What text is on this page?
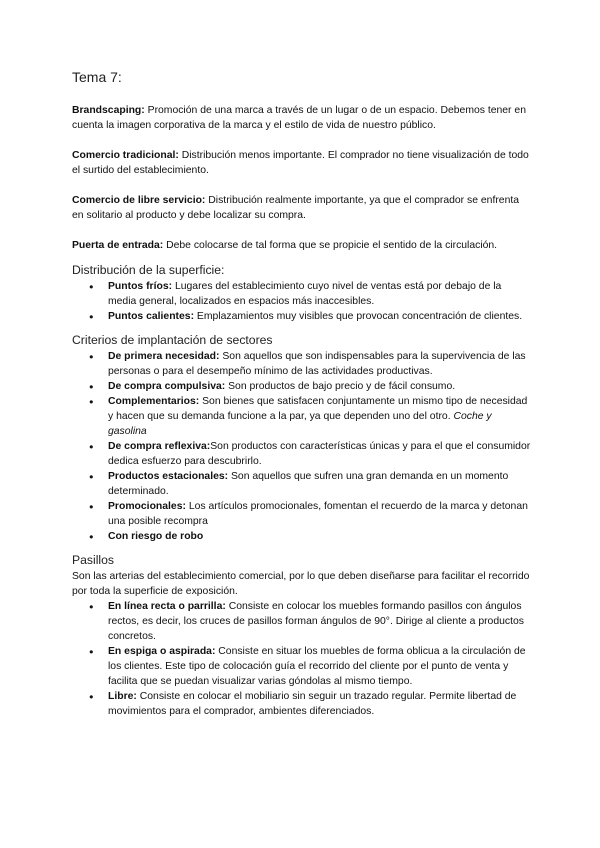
Tema 7:

Brandscaping: Promoción de una marca a través de un lugar o de un espacio. Debemos tener en cuenta la imagen corporativa de la marca y el estilo de vida de nuestro público.

Comercio tradicional: Distribución menos importante. El comprador no tiene visualización de todo el surtido del establecimiento.

Comercio de libre servicio: Distribución realmente importante, ya que el comprador se enfrenta en solitario al producto y debe localizar su compra.

Puerta de entrada: Debe colocarse de tal forma que se propicie el sentido de la circulación.

Distribución de la superficie:
● Puntos fríos: Lugares del establecimiento cuyo nivel de ventas está por debajo de la media general, localizados en espacios más inaccesibles.
● Puntos calientes: Emplazamientos muy visibles que provocan concentración de clientes.
Criterios de implantación de sectores
● De primera necesidad: Son aquellos que son indispensables para la supervivencia de las personas o para el desempeño mínimo de las actividades productivas.
● De compra compulsiva: Son productos de bajo precio y de fácil consumo.
● Complementarios: Son bienes que satisfacen conjuntamente un mismo tipo de necesidad y hacen que su demanda funcione a la par, ya que dependen uno del otro. Coche y gasolina
● De compra reflexiva:Son productos con características únicas y para el que el consumidor dedica esfuerzo para descubrirlo.
● Productos estacionales: Son aquellos que sufren una gran demanda en un momento determinado.
● Promocionales: Los artículos promocionales, fomentan el recuerdo de la marca y detonan una posible recompra
● Con riesgo de robo
Pasillos
Son las arterias del establecimiento comercial, por lo que deben diseñarse para facilitar el recorrido por toda la superficie de exposición.
● En línea recta o parrilla: Consiste en colocar los muebles formando pasillos con ángulos rectos, es decir, los cruces de pasillos forman ángulos de 90°. Dirige al cliente a productos concretos.
● En espiga o aspirada: Consiste en situar los muebles de forma oblicua a la circulación de los clientes. Este tipo de colocación guía el recorrido del cliente por el punto de venta y facilita que se puedan visualizar varias góndolas al mismo tiempo.
● Libre: Consiste en colocar el mobiliario sin seguir un trazado regular. Permite libertad de movimientos para el comprador, ambientes diferenciados.
